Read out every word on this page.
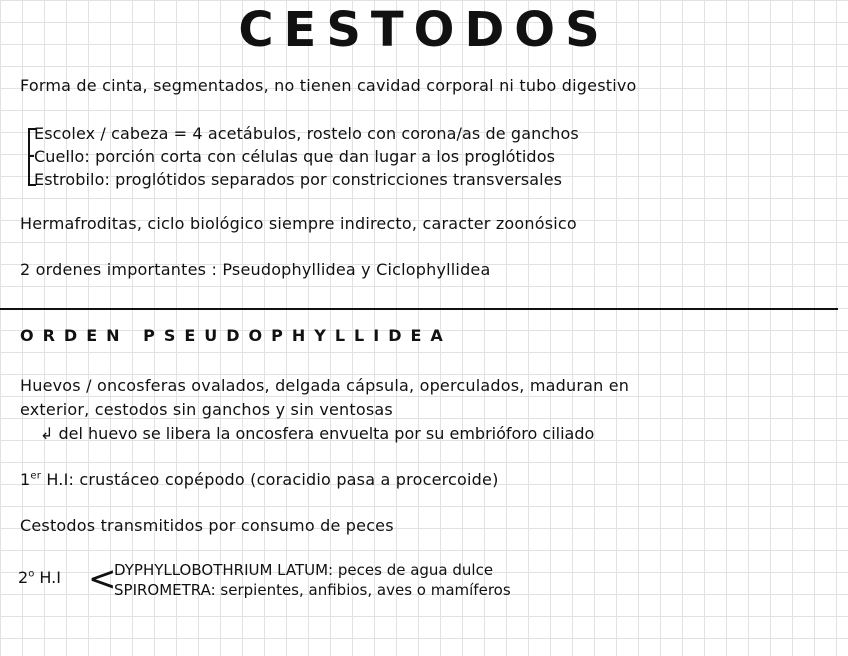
CESTODOS
Forma de cinta, segmentados, no tienen cavidad corporal ni tubo digestivo
Escolex / cabeza = 4 acetábulos, rostelo con corona/as de ganchos
Cuello: porción corta con células que dan lugar a los proglótidos
Estrobilo: proglótidos separados por constricciones transversales
Hermafroditas, ciclo biológico siempre indirecto, caracter zoonósico
2 ordenes importantes : Pseudophyllidea y Ciclophyllidea
ORDEN PSEUDOPHYLLIDEA
Huevos / oncosferas ovalados, delgada cápsula, operculados, maduran en
exterior, cestodos sin ganchos y sin ventosas
↲ del huevo se libera la oncosfera envuelta por su embrióforo ciliado
1er H.I: crustáceo copépodo (coracidio pasa a procercoide)
Cestodos transmitidos por consumo de peces
2$^o$ H.I <
DYPHYLLOBOTHRIUM LATUM: peces de agua dulce
SPIROMETRA: serpientes, anfibios, aves o mamíferos
